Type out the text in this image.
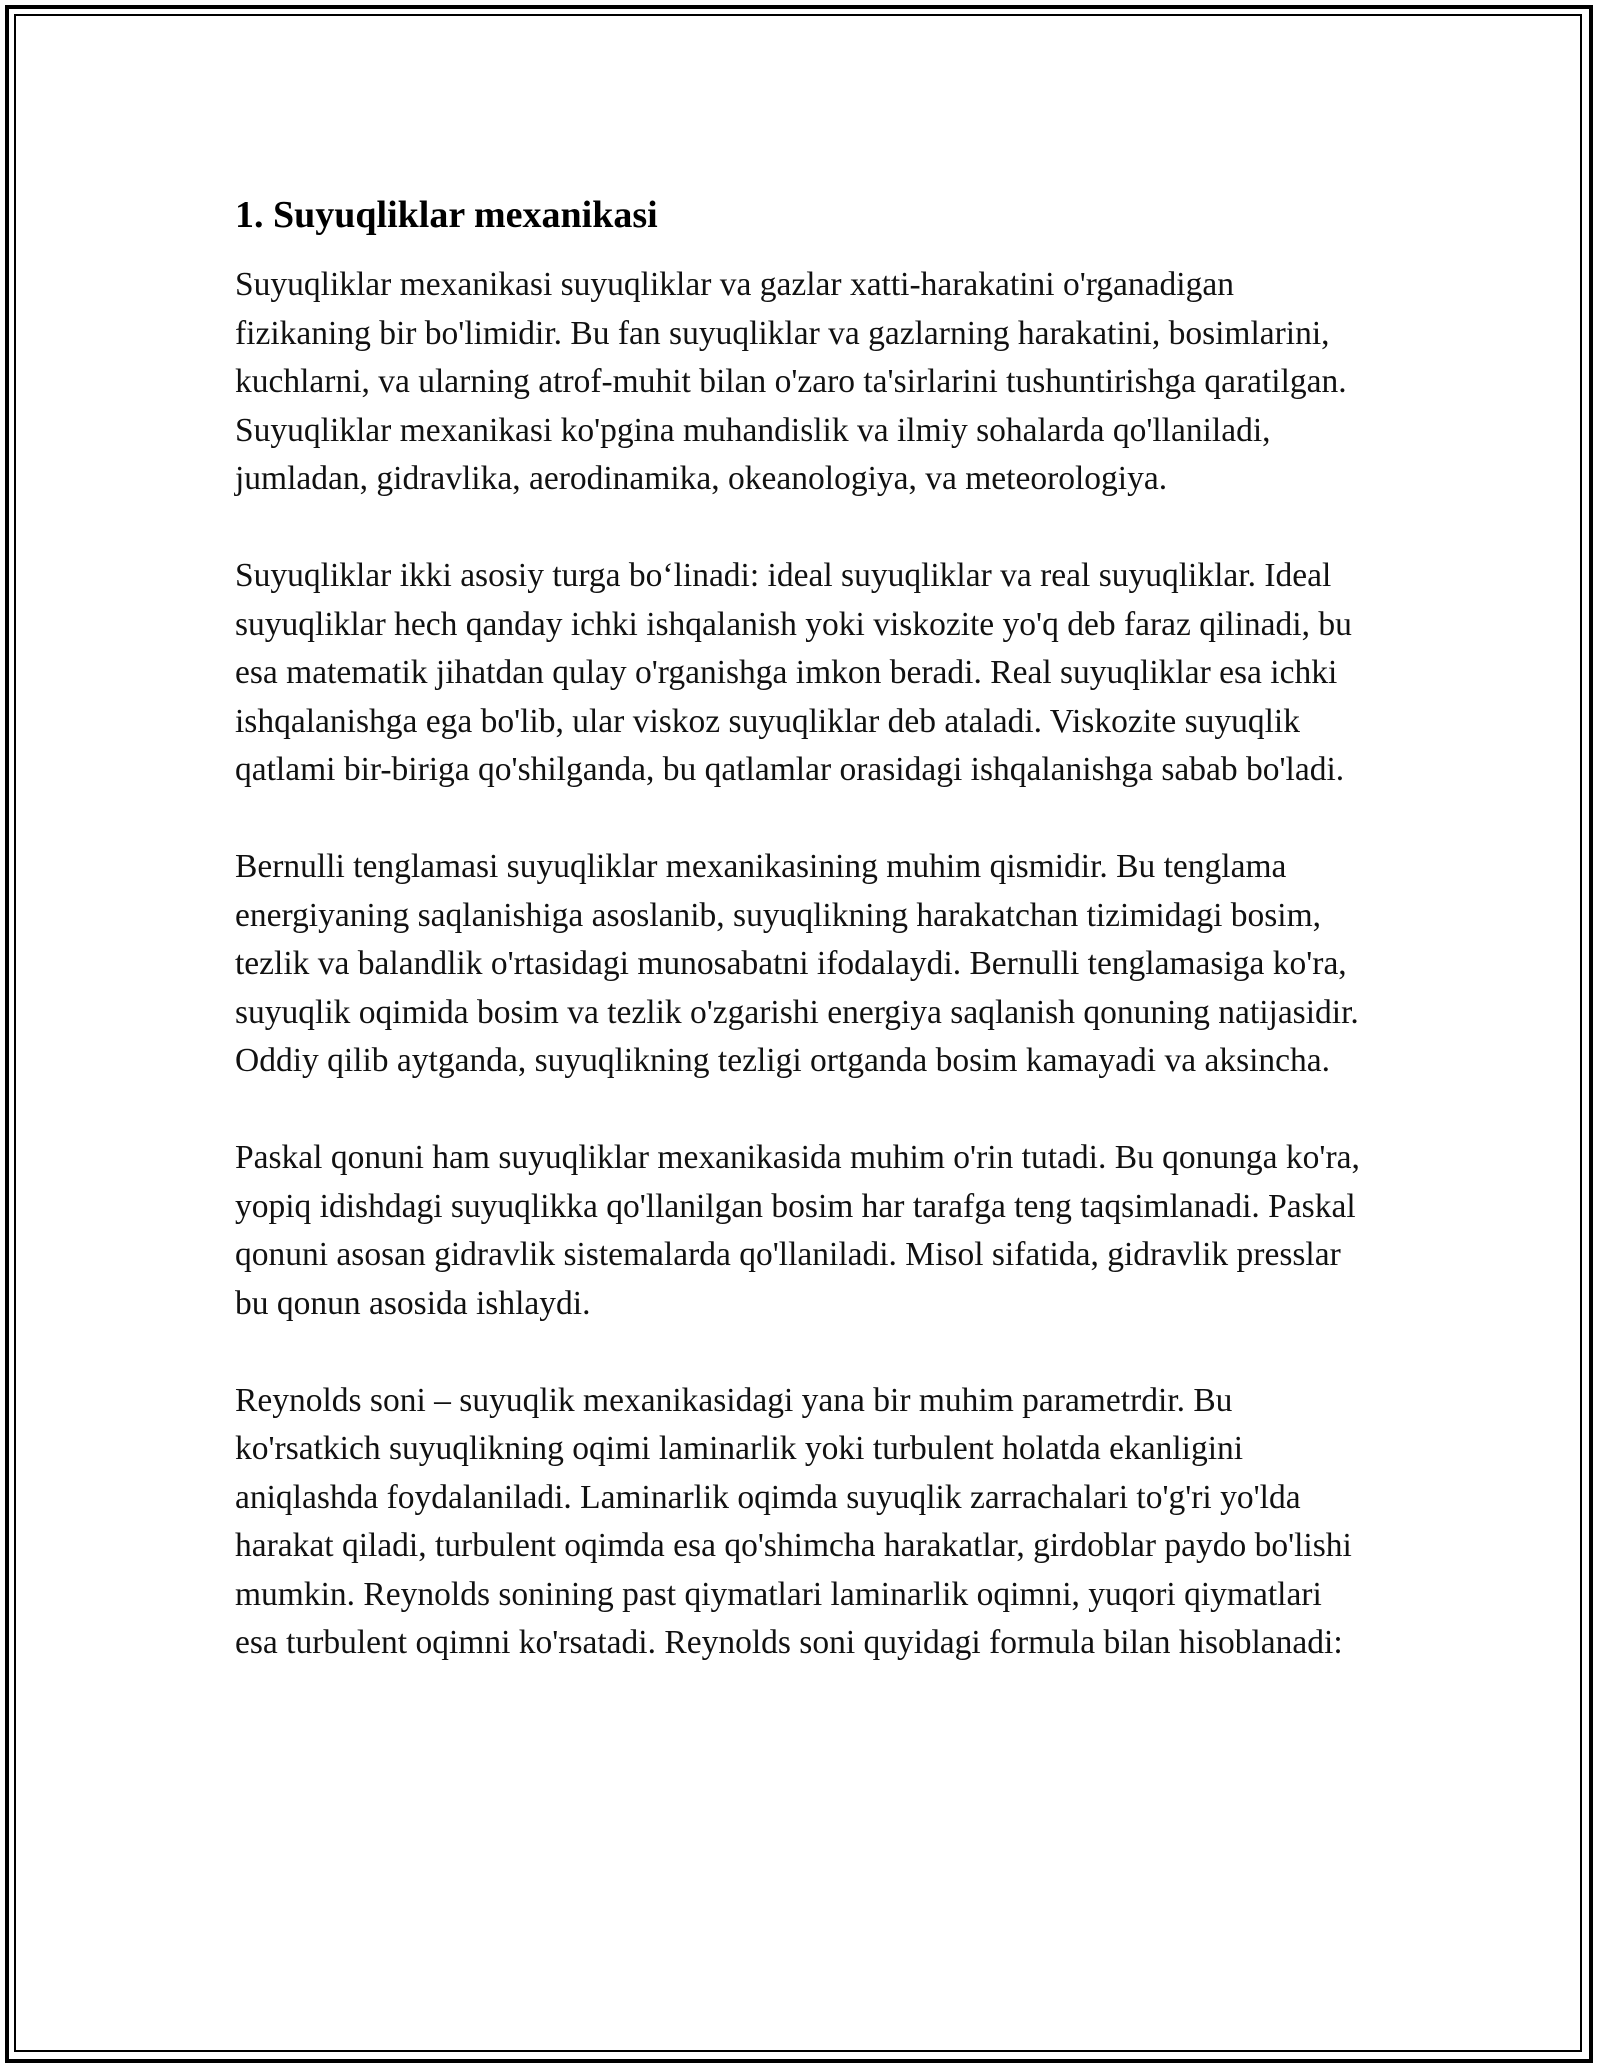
1. Suyuqliklar mexanikasi

Suyuqliklar mexanikasi suyuqliklar va gazlar xatti-harakatini o'rganadigan fizikaning bir bo'limidir. Bu fan suyuqliklar va gazlarning harakatini, bosimlarini, kuchlarni, va ularning atrof-muhit bilan o'zaro ta'sirlarini tushuntirishga qaratilgan. Suyuqliklar mexanikasi ko'pgina muhandislik va ilmiy sohalarda qo'llaniladi, jumladan, gidravlika, aerodinamika, okeanologiya, va meteorologiya.

Suyuqliklar ikki asosiy turga boʻlinadi: ideal suyuqliklar va real suyuqliklar. Ideal suyuqliklar hech qanday ichki ishqalanish yoki viskozite yo'q deb faraz qilinadi, bu esa matematik jihatdan qulay o'rganishga imkon beradi. Real suyuqliklar esa ichki ishqalanishga ega bo'lib, ular viskoz suyuqliklar deb ataladi. Viskozite suyuqlik qatlami bir-biriga qo'shilganda, bu qatlamlar orasidagi ishqalanishga sabab bo'ladi.

Bernulli tenglamasi suyuqliklar mexanikasining muhim qismidir. Bu tenglama energiyaning saqlanishiga asoslanib, suyuqlikning harakatchan tizimidagi bosim, tezlik va balandlik o'rtasidagi munosabatni ifodalaydi. Bernulli tenglamasiga ko'ra, suyuqlik oqimida bosim va tezlik o'zgarishi energiya saqlanish qonuning natijasidir. Oddiy qilib aytganda, suyuqlikning tezligi ortganda bosim kamayadi va aksincha.

Paskal qonuni ham suyuqliklar mexanikasida muhim o'rin tutadi. Bu qonunga ko'ra, yopiq idishdagi suyuqlikka qo'llanilgan bosim har tarafga teng taqsimlanadi. Paskal qonuni asosan gidravlik sistemalarda qo'llaniladi. Misol sifatida, gidravlik presslar bu qonun asosida ishlaydi.

Reynolds soni – suyuqlik mexanikasidagi yana bir muhim parametrdir. Bu ko'rsatkich suyuqlikning oqimi laminarlik yoki turbulent holatda ekanligini aniqlashda foydalaniladi. Laminarlik oqimda suyuqlik zarrachalari to'g'ri yo'lda harakat qiladi, turbulent oqimda esa qo'shimcha harakatlar, girdoblar paydo bo'lishi mumkin. Reynolds sonining past qiymatlari laminarlik oqimni, yuqori qiymatlari esa turbulent oqimni ko'rsatadi. Reynolds soni quyidagi formula bilan hisoblanadi:
